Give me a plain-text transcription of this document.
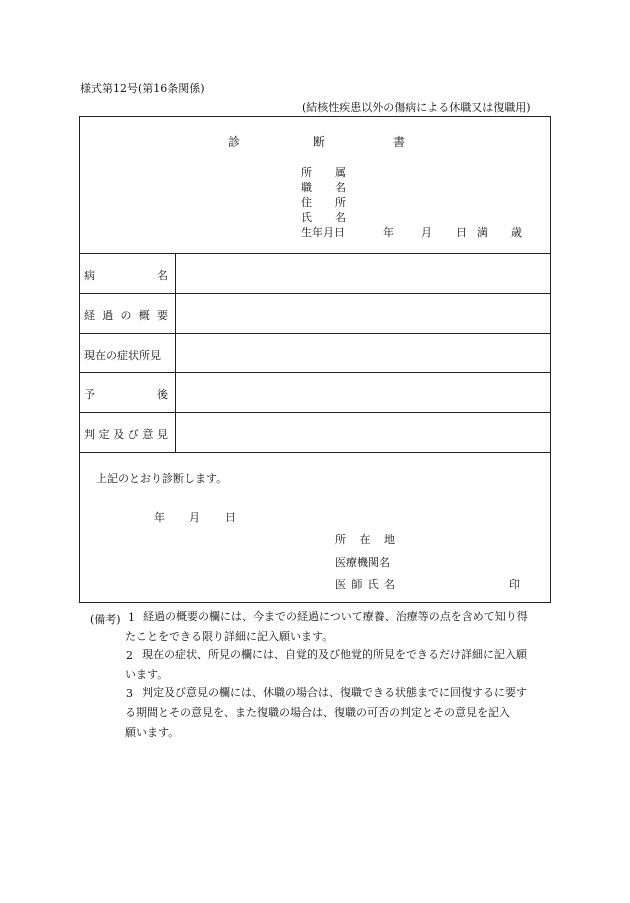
様式第12号(第16条関係)
(結核性疾患以外の傷病による休職又は復職用)
診	断	書
所 属
職 名
住 所
氏 名
生年月日	年 月 日 満 歳
病	名
経 過 の 概 要
現在の症状所見
予	後
判 定 及 び 意 見
上記のとおり診断します。
年 月 日
所 在 地
医療機関名
医 師 氏 名	印
(備考) 1 経過の概要の欄には、今までの経過について療養、治療等の点を含めて知り得
たことをできる限り詳細に記入願います。
2 現在の症状、所見の欄には、自覚的及び他覚的所見をできるだけ詳細に記入願
います。
3 判定及び意見の欄には、休職の場合は、復職できる状態までに回復するに要す
る期間とその意見を、また復職の場合は、復職の可否の判定とその意見を記入
願います。
